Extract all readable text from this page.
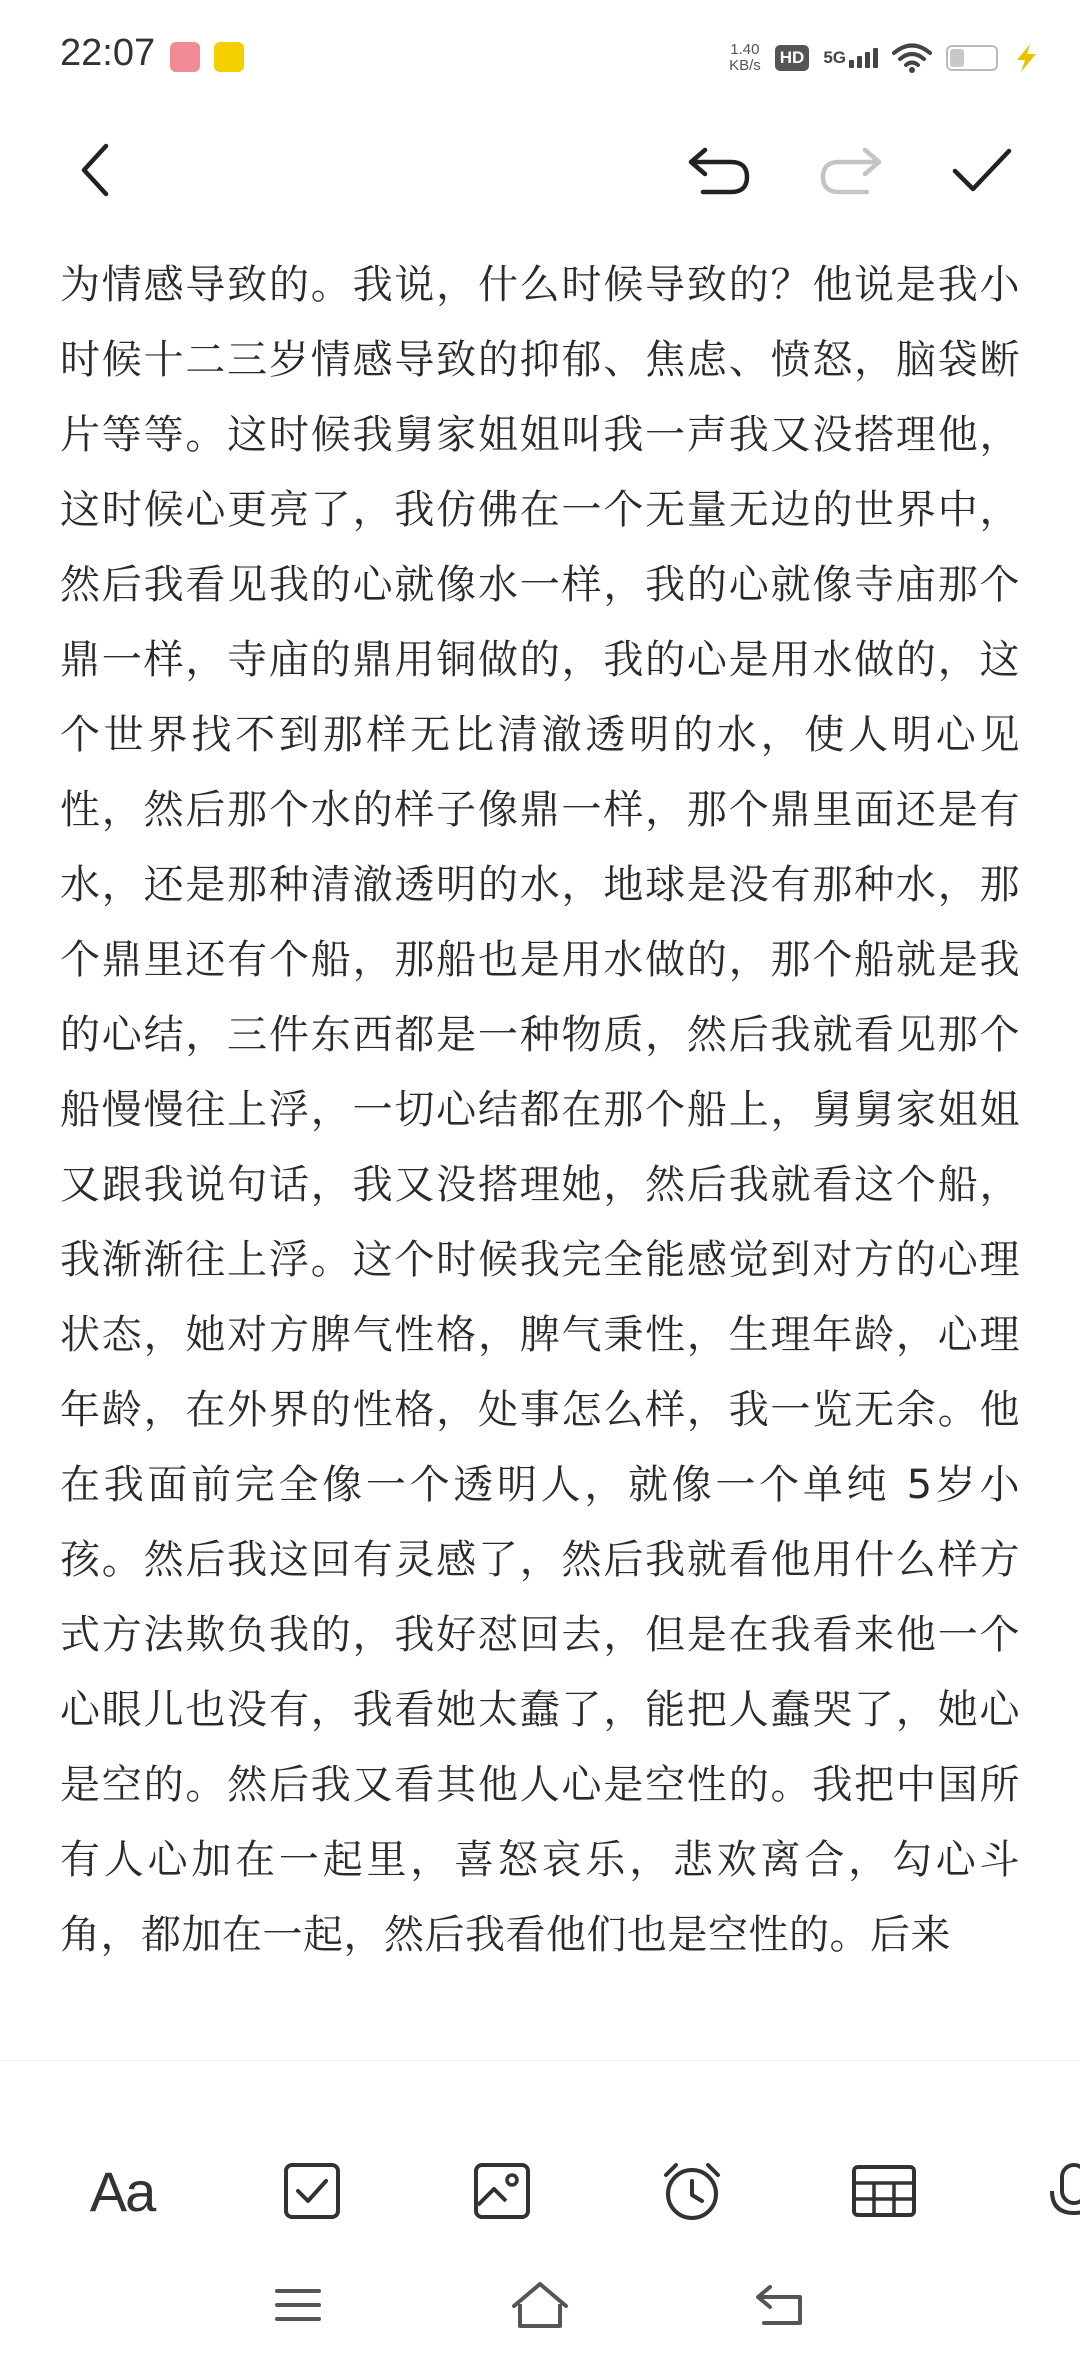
22:07	1.40
KB/s HD 5G	3
为情感导致的。我说，什么时候导致的？他说是我小时候十二三岁情感导致的抑郁、焦虑、愤怒，脑袋断片等等。这时候我舅家姐姐叫我一声我又没搭理他，这时候心更亮了，我仿佛在一个无量无边的世界中，然后我看见我的心就像水一样，我的心就像寺庙那个鼎一样，寺庙的鼎用铜做的，我的心是用水做的，这个世界找不到那样无比清澈透明的水，使人明心见性，然后那个水的样子像鼎一样，那个鼎里面还是有水，还是那种清澈透明的水，地球是没有那种水，那个鼎里还有个船，那船也是用水做的，那个船就是我的心结，三件东西都是一种物质，然后我就看见那个船慢慢往上浮，一切心结都在那个船上，舅舅家姐姐又跟我说句话，我又没搭理她，然后我就看这个船，我渐渐往上浮。这个时候我完全能感觉到对方的心理状态，她对方脾气性格，脾气秉性，生理年龄，心理年龄，在外界的性格，处事怎么样，我一览无余。他在我面前完全像一个透明人，就像一个单纯 5岁小孩。然后我这回有灵感了，然后我就看他用什么样方式方法欺负我的，我好怼回去，但是在我看来他一个心眼儿也没有，我看她太蠢了，能把人蠢哭了，她心是空的。然后我又看其他人心是空性的。我把中国所有人心加在一起里，喜怒哀乐，悲欢离合，勾心斗角，都加在一起，然后我看他们也是空性的。后来
Aa
